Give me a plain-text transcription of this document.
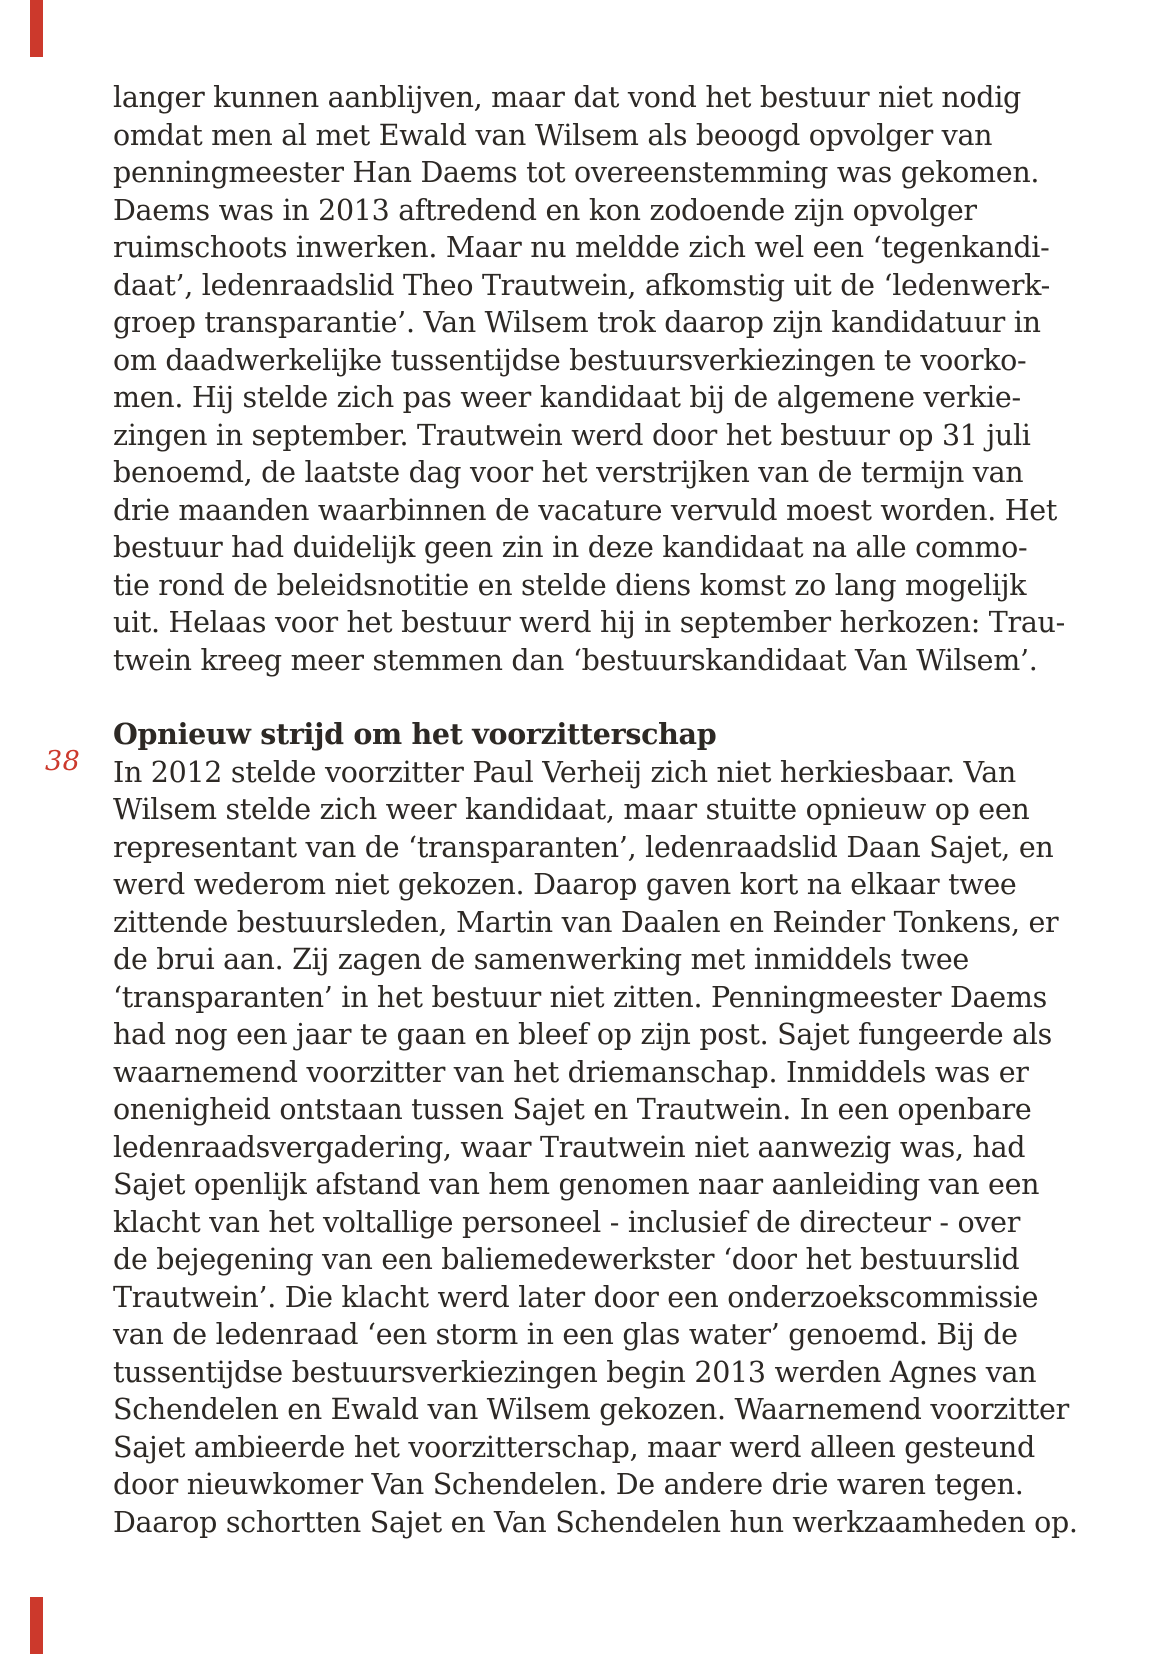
38
langer kunnen aanblijven, maar dat vond het bestuur niet nodig
omdat men al met Ewald van Wilsem als beoogd opvolger van
penningmeester Han Daems tot overeenstemming was gekomen.
Daems was in 2013 aftredend en kon zodoende zijn opvolger
ruimschoots inwerken. Maar nu meldde zich wel een ‘tegenkandi-
daat’, ledenraadslid Theo Trautwein, afkomstig uit de ‘ledenwerk-
groep transparantie’. Van Wilsem trok daarop zijn kandidatuur in
om daadwerkelijke tussentijdse bestuursverkiezingen te voorko-
men. Hij stelde zich pas weer kandidaat bij de algemene verkie-
zingen in september. Trautwein werd door het bestuur op 31 juli
benoemd, de laatste dag voor het verstrijken van de termijn van
drie maanden waarbinnen de vacature vervuld moest worden. Het
bestuur had duidelijk geen zin in deze kandidaat na alle commo-
tie rond de beleidsnotitie en stelde diens komst zo lang mogelijk
uit. Helaas voor het bestuur werd hij in september herkozen: Trau-
twein kreeg meer stemmen dan ‘bestuurskandidaat Van Wilsem’.
Opnieuw strijd om het voorzitterschap
In 2012 stelde voorzitter Paul Verheij zich niet herkiesbaar. Van
Wilsem stelde zich weer kandidaat, maar stuitte opnieuw op een
representant van de ‘transparanten’, ledenraadslid Daan Sajet, en
werd wederom niet gekozen. Daarop gaven kort na elkaar twee
zittende bestuursleden, Martin van Daalen en Reinder Tonkens, er
de brui aan. Zij zagen de samenwerking met inmiddels twee
‘transparanten’ in het bestuur niet zitten. Penningmeester Daems
had nog een jaar te gaan en bleef op zijn post. Sajet fungeerde als
waarnemend voorzitter van het driemanschap. Inmiddels was er
onenigheid ontstaan tussen Sajet en Trautwein. In een openbare
ledenraadsvergadering, waar Trautwein niet aanwezig was, had
Sajet openlijk afstand van hem genomen naar aanleiding van een
klacht van het voltallige personeel - inclusief de directeur - over
de bejegening van een baliemedewerkster ‘door het bestuurslid
Trautwein’. Die klacht werd later door een onderzoekscommissie
van de ledenraad ‘een storm in een glas water’ genoemd. Bij de
tussentijdse bestuursverkiezingen begin 2013 werden Agnes van
Schendelen en Ewald van Wilsem gekozen. Waarnemend voorzitter
Sajet ambieerde het voorzitterschap, maar werd alleen gesteund
door nieuwkomer Van Schendelen. De andere drie waren tegen.
Daarop schortten Sajet en Van Schendelen hun werkzaamheden op.
